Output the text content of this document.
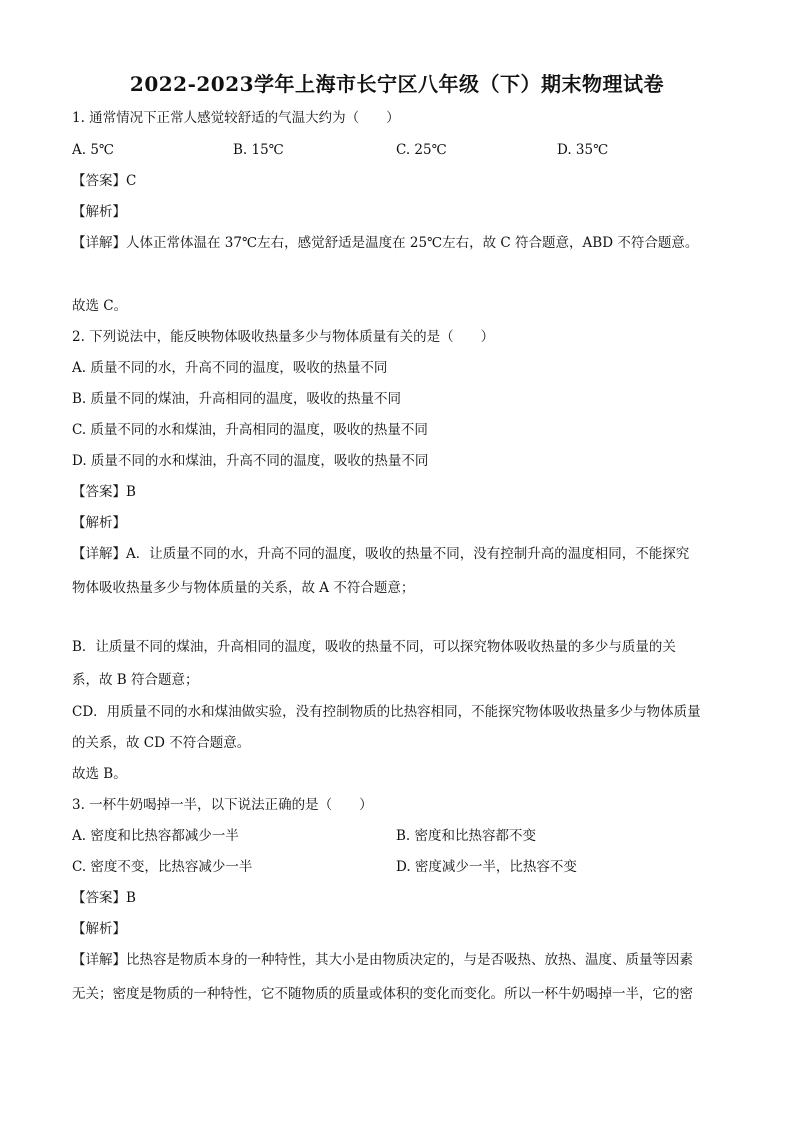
2022-2023学年上海市长宁区八年级（下）期末物理试卷
1. 通常情况下正常人感觉较舒适的气温大约为（　　）
A. 5℃	B. 15℃	C. 25℃	D. 35℃
【答案】C
【解析】
【详解】人体正常体温在 37℃左右，感觉舒适是温度在 25℃左右，故 C 符合题意，ABD 不符合题意。
故选 C。
2. 下列说法中，能反映物体吸收热量多少与物体质量有关的是（　　）
A. 质量不同的水，升高不同的温度，吸收的热量不同
B. 质量不同的煤油，升高相同的温度，吸收的热量不同
C. 质量不同的水和煤油，升高相同的温度，吸收的热量不同
D. 质量不同的水和煤油，升高不同的温度，吸收的热量不同
【答案】B
【解析】
【详解】A．让质量不同的水，升高不同的温度，吸收的热量不同，没有控制升高的温度相同，不能探究
物体吸收热量多少与物体质量的关系，故 A 不符合题意；
B．让质量不同的煤油，升高相同的温度，吸收的热量不同，可以探究物体吸收热量的多少与质量的关
系，故 B 符合题意；
CD．用质量不同的水和煤油做实验，没有控制物质的比热容相同，不能探究物体吸收热量多少与物体质量
的关系，故 CD 不符合题意。
故选 B。
3. 一杯牛奶喝掉一半，以下说法正确的是（　　）
A. 密度和比热容都减少一半	B. 密度和比热容都不变
C. 密度不变，比热容减少一半	D. 密度减少一半，比热容不变
【答案】B
【解析】
【详解】比热容是物质本身的一种特性，其大小是由物质决定的，与是否吸热、放热、温度、质量等因素
无关；密度是物质的一种特性，它不随物质的质量或体积的变化而变化。所以一杯牛奶喝掉一半，它的密
